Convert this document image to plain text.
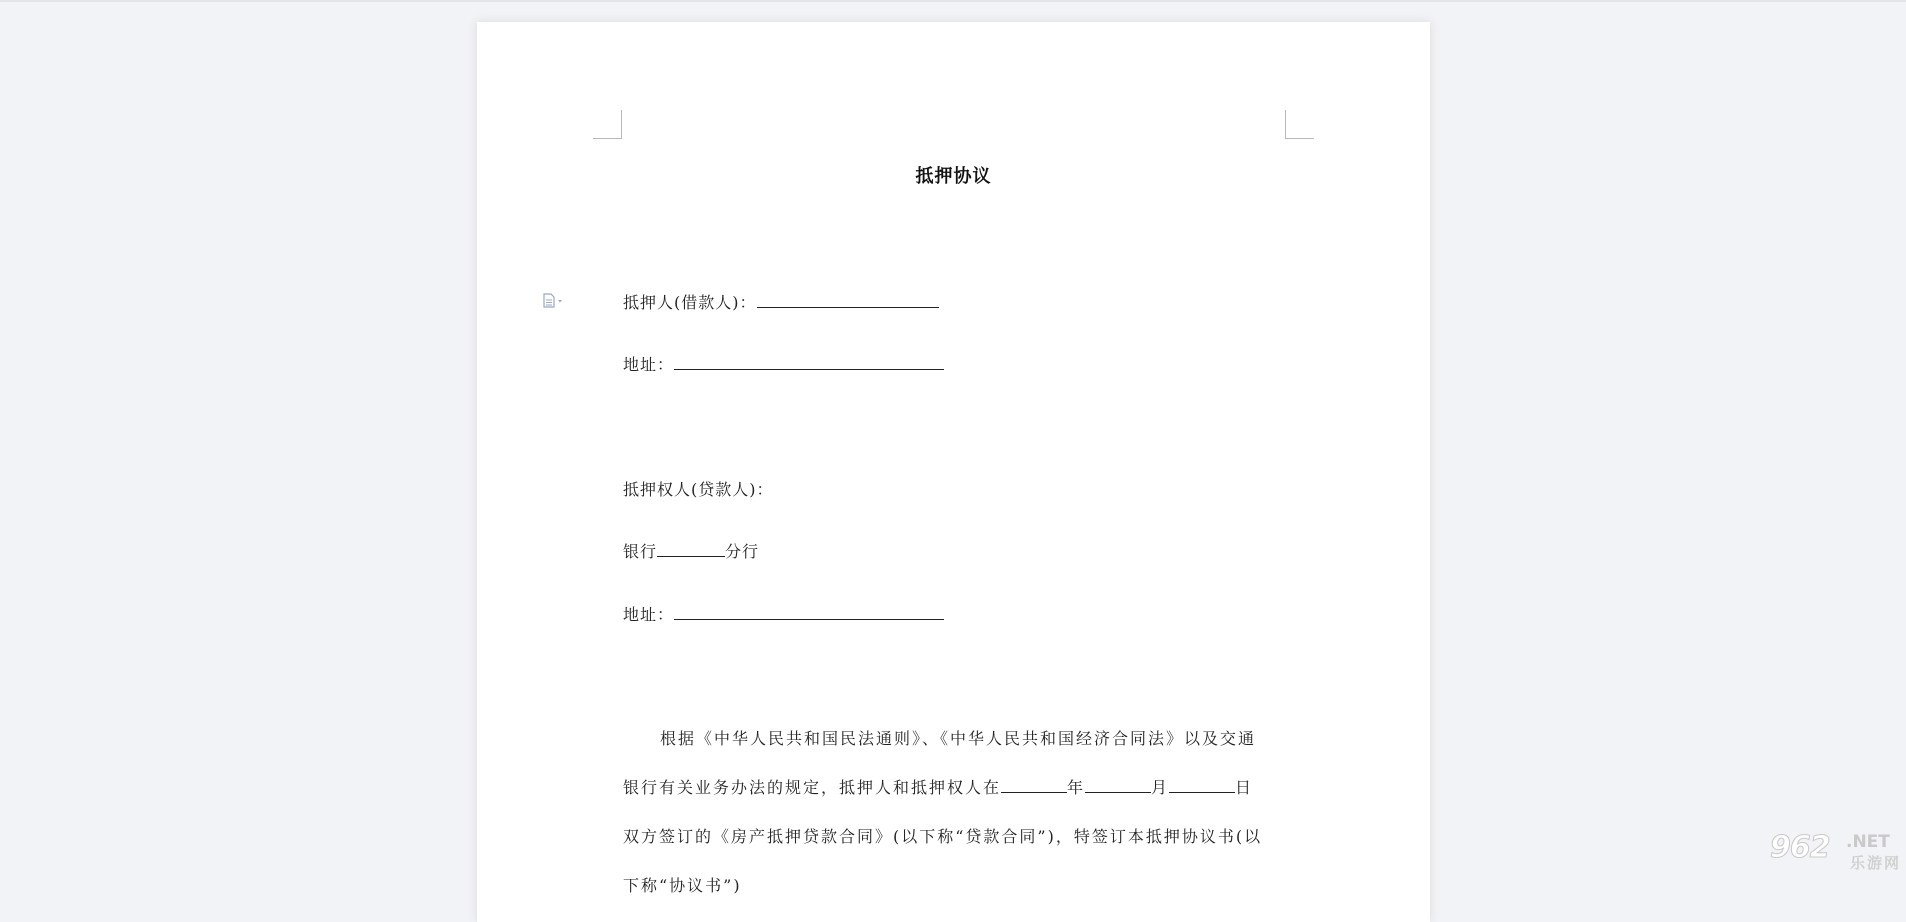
抵押协议
抵押人(借款人)：
地址：
抵押权人(贷款人)：
银行	分行
地址：
根据《中华人民共和国民法通则》、《中华人民共和国经济合同法》以及交通
银行有关业务办法的规定，抵押人和抵押权人在	年	月	日
双方签订的《房产抵押贷款合同》(以下称“贷款合同”)，特签订本抵押协议书(以
下称“协议书”)
962 .NET
乐游网
